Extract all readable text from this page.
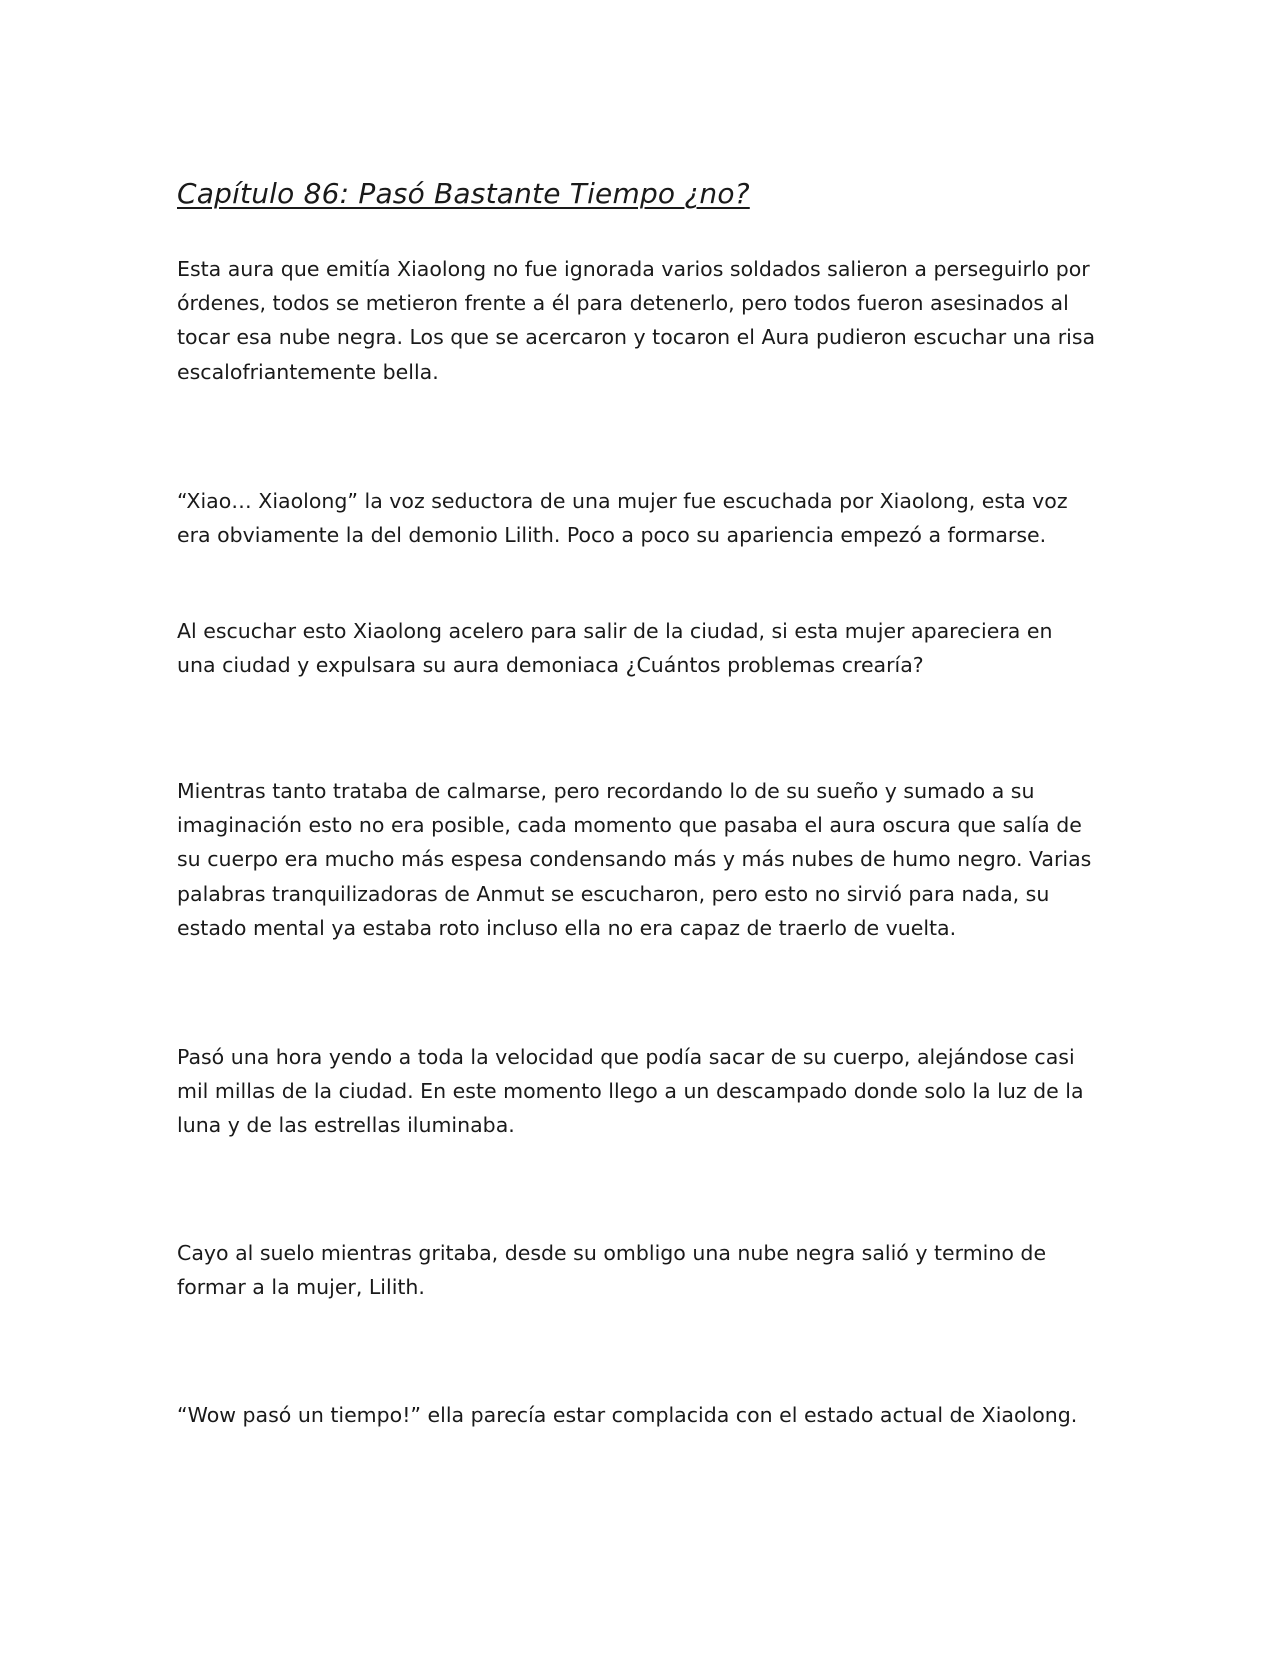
Capítulo 86: Pasó Bastante Tiempo ¿no?

Esta aura que emitía Xiaolong no fue ignorada varios soldados salieron a perseguirlo por órdenes, todos se metieron frente a él para detenerlo, pero todos fueron asesinados al tocar esa nube negra. Los que se acercaron y tocaron el Aura pudieron escuchar una risa escalofriantemente bella.

“Xiao… Xiaolong” la voz seductora de una mujer fue escuchada por Xiaolong, esta voz era obviamente la del demonio Lilith. Poco a poco su apariencia empezó a formarse.

Al escuchar esto Xiaolong acelero para salir de la ciudad, si esta mujer apareciera en una ciudad y expulsara su aura demoniaca ¿Cuántos problemas crearía?

Mientras tanto trataba de calmarse, pero recordando lo de su sueño y sumado a su imaginación esto no era posible, cada momento que pasaba el aura oscura que salía de su cuerpo era mucho más espesa condensando más y más nubes de humo negro. Varias palabras tranquilizadoras de Anmut se escucharon, pero esto no sirvió para nada, su estado mental ya estaba roto incluso ella no era capaz de traerlo de vuelta.

Pasó una hora yendo a toda la velocidad que podía sacar de su cuerpo, alejándose casi mil millas de la ciudad. En este momento llego a un descampado donde solo la luz de la luna y de las estrellas iluminaba.

Cayo al suelo mientras gritaba, desde su ombligo una nube negra salió y termino de formar a la mujer, Lilith.

“Wow pasó un tiempo!” ella parecía estar complacida con el estado actual de Xiaolong.
